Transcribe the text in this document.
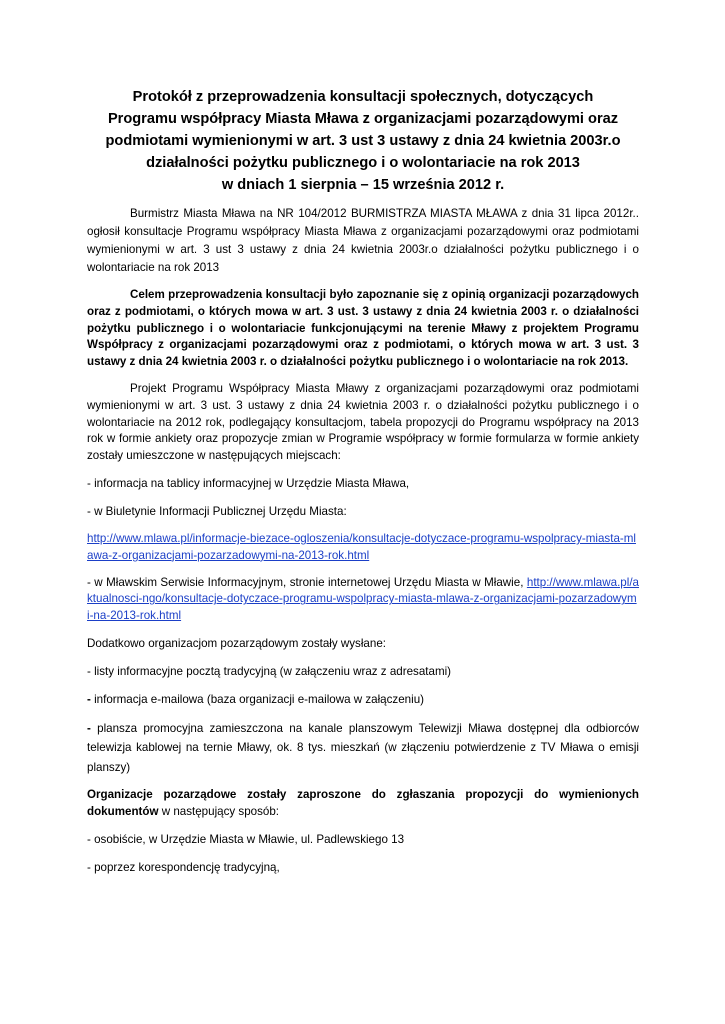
Protokół z przeprowadzenia konsultacji społecznych, dotyczących
Programu współpracy Miasta Mława z organizacjami pozarządowymi oraz
podmiotami wymienionymi w art. 3 ust 3 ustawy z dnia 24 kwietnia 2003r.o
działalności pożytku publicznego i o wolontariacie na rok 2013
w dniach 1 sierpnia – 15 września 2012 r.

Burmistrz Miasta Mława na NR 104/2012 BURMISTRZA MIASTA MŁAWA z dnia 31 lipca 2012r.. ogłosił konsultacje Programu współpracy Miasta Mława z organizacjami pozarządowymi oraz podmiotami wymienionymi w art. 3 ust 3 ustawy z dnia 24 kwietnia 2003r.o działalności pożytku publicznego i o wolontariacie na rok 2013

Celem przeprowadzenia konsultacji było zapoznanie się z opinią organizacji pozarządowych oraz z podmiotami, o których mowa w art. 3 ust. 3 ustawy z dnia 24 kwietnia 2003 r. o działalności pożytku publicznego i o wolontariacie funkcjonującymi na terenie Mławy z projektem Programu Współpracy z organizacjami pozarządowymi oraz z podmiotami, o których mowa w art. 3 ust. 3 ustawy z dnia 24 kwietnia 2003 r. o działalności pożytku publicznego i o wolontariacie na rok 2013.

Projekt Programu Współpracy Miasta Mławy z organizacjami pozarządowymi oraz podmiotami wymienionymi w art. 3 ust. 3 ustawy z dnia 24 kwietnia 2003 r. o działalności pożytku publicznego i o wolontariacie na 2012 rok, podlegający konsultacjom, tabela propozycji do Programu współpracy na 2013 rok w formie ankiety oraz propozycje zmian w Programie współpracy w formie formularza w formie ankiety zostały umieszczone w następujących miejscach:

- informacja na tablicy informacyjnej w Urzędzie Miasta Mława,

- w Biuletynie Informacji Publicznej Urzędu Miasta:

http://www.mlawa.pl/informacje-biezace-ogloszenia/konsultacje-dotyczace-programu-wspolpracy-miasta-mlawa-z-organizacjami-pozarzadowymi-na-2013-rok.html

- w Mławskim Serwisie Informacyjnym, stronie internetowej Urzędu Miasta w Mławie, http://www.mlawa.pl/aktualnosci-ngo/konsultacje-dotyczace-programu-wspolpracy-miasta-mlawa-z-organizacjami-pozarzadowymi-na-2013-rok.html

Dodatkowo organizacjom pozarządowym zostały wysłane:

- listy informacyjne pocztą tradycyjną (w załączeniu wraz z adresatami)

- informacja e-mailowa (baza organizacji e-mailowa w załączeniu)

- plansza promocyjna zamieszczona na kanale planszowym Telewizji Mława dostępnej dla odbiorców telewizja kablowej na ternie Mławy, ok. 8 tys. mieszkań (w złączeniu potwierdzenie z TV Mława o emisji planszy)

Organizacje pozarządowe zostały zaproszone do zgłaszania propozycji do wymienionych dokumentów w następujący sposób:

- osobiście, w Urzędzie Miasta w Mławie, ul. Padlewskiego 13

- poprzez korespondencję tradycyjną,
